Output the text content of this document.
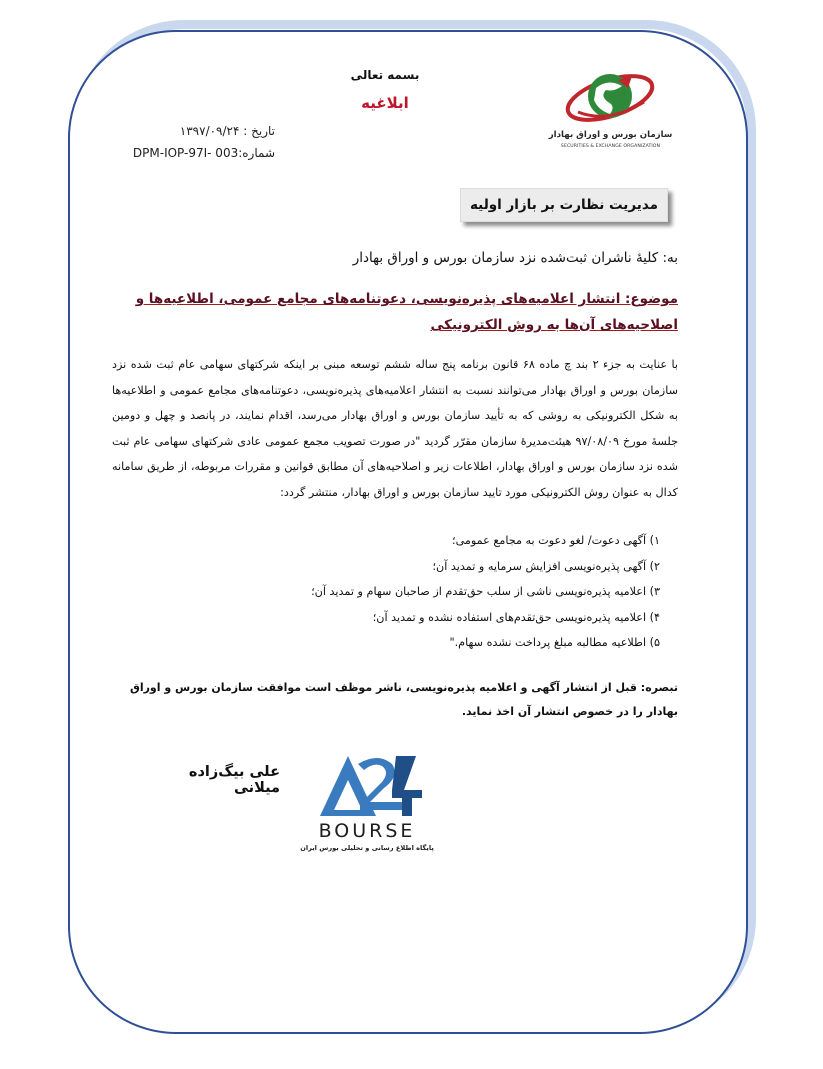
سازمان بورس و اوراق بهادار
SECURITIES & EXCHANGE ORGANIZATION
بسمه تعالی
ابلاغیه
تاریخ : ۱۳۹۷/۰۹/۲۴
شماره:DPM-IOP-97I- 003
مدیریت نظارت بر بازار اولیه
به: کلیهٔ ناشران ثبت‌شده نزد سازمان بورس و اوراق بهادار
موضوع: انتشار اعلامیه‌های پذیره‌نویسی، دعوتنامه‌های مجامع عمومی، اطلاعیه‌ها و اصلاحیه‌های آن‌ها به روش الکترونیکی
با عنایت به جزء ۲ بند چ ماده ۶۸ قانون برنامه پنج ساله ششم توسعه مبنی بر اینکه شرکتهای سهامی عام ثبت شده نزد سازمان بورس و اوراق بهادار می‌توانند نسبت به انتشار اعلامیه‌های پذیره‌نویسی، دعوتنامه‌های مجامع عمومی و اطلاعیه‌ها به شکل الکترونیکی به روشی که به تأیید سازمان بورس و اوراق بهادار می‌رسد، اقدام نمایند، در پانصد و چهل و دومین جلسهٔ مورخ ۹۷/۰۸/۰۹ هیئت‌مدیرهٔ سازمان مقرّر گردید "در صورت تصویب مجمع عمومی عادی شرکتهای سهامی عام ثبت شده نزد سازمان بورس و اوراق بهادار، اطلاعات زیر و اصلاحیه‌های آن مطابق قوانین و مقررات مربوطه، از طریق سامانه کدال به عنوان روش الکترونیکی مورد تایید سازمان بورس و اوراق بهادار، منتشر گردد:
۱) آگهی دعوت/ لغو دعوت به مجامع عمومی؛
۲) آگهی پذیره‌نویسی افزایش سرمایه و تمدید آن؛
۳) اعلامیه پذیره‌نویسی ناشی از سلب حق‌تقدم از صاحبان سهام و تمدید آن؛
۴) اعلامیه پذیره‌نویسی حق‌تقدم‌های استفاده نشده و تمدید آن؛
۵) اطلاعیه مطالبه مبلغ پرداخت نشده سهام."
تبصره: قبل از انتشار آگهی و اعلامیه پذیره‌نویسی، ناشر موظف است موافقت سازمان بورس و اوراق بهادار را در خصوص انتشار آن اخذ نماید.
علی بیگ‌زاده میلانی
BOURSE
پایگاه اطلاع رسانی و تحلیلی بورس ایران
